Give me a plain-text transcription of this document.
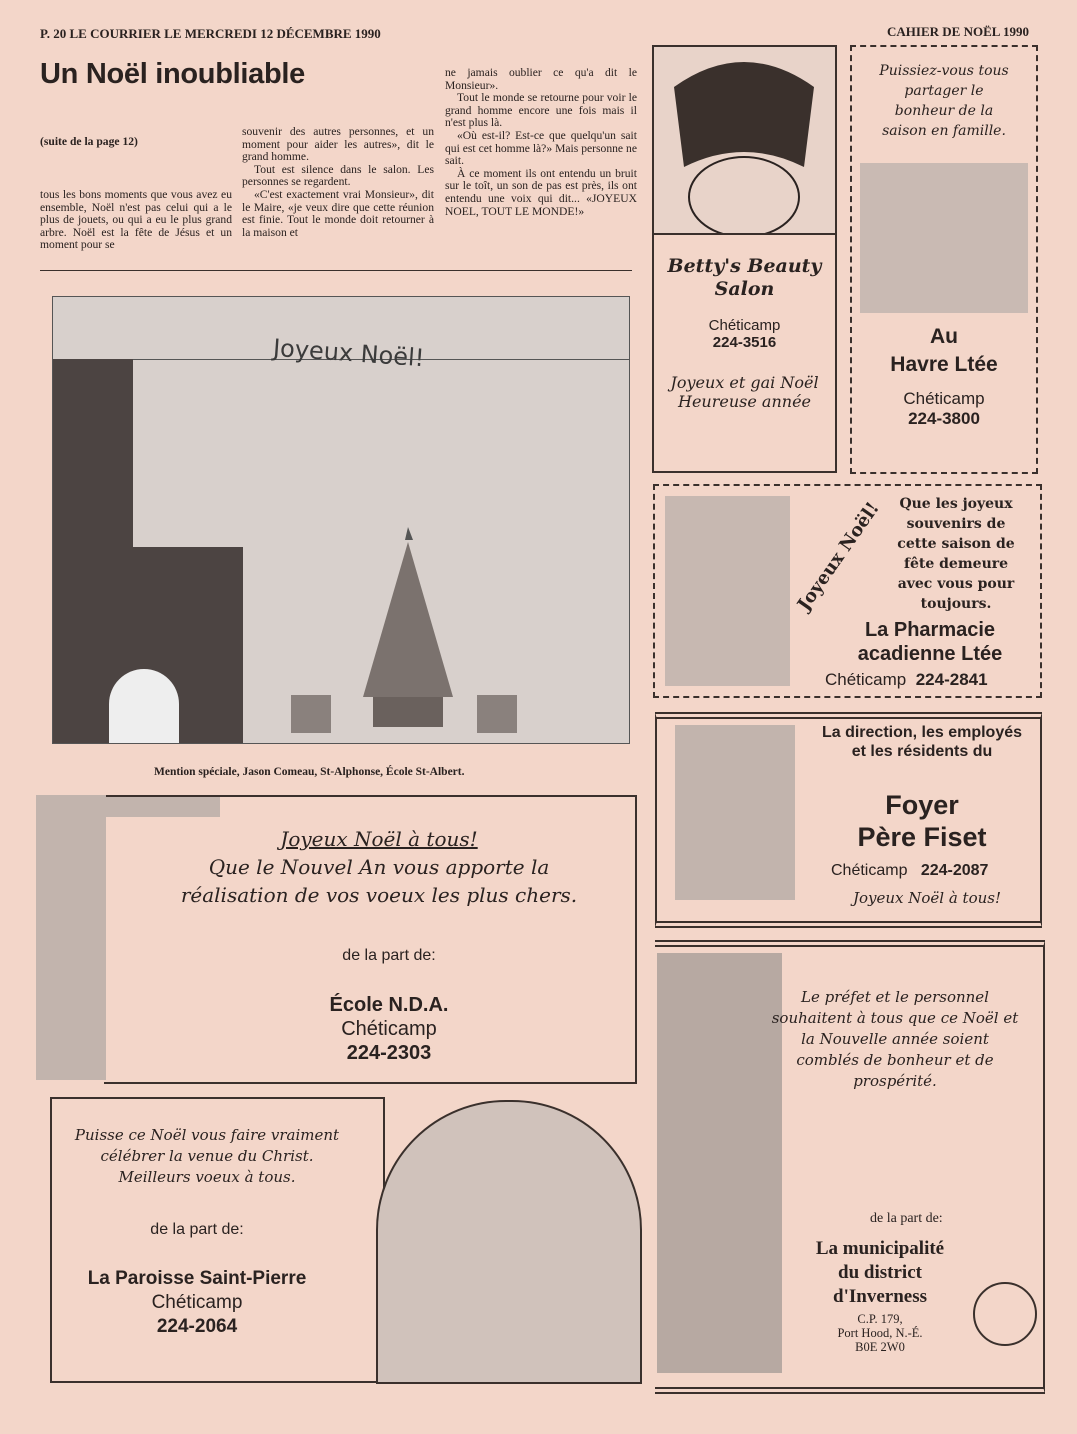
P. 20 LE COURRIER LE MERCREDI 12 DÉCEMBRE 1990	CAHIER DE NOËL 1990
Un Noël inoubliable
(suite de la page 12)

tous les bons moments que vous avez eu ensemble, Noël n'est pas celui qui a le plus de jouets, ou qui a eu le plus grand arbre. Noël est la fête de Jésus et un moment pour se

souvenir des autres personnes, et un moment pour aider les autres», dit le grand homme.

Tout est silence dans le salon. Les personnes se regardent.

«C'est exactement vrai Monsieur», dit le Maire, «je veux dire que cette réunion est finie. Tout le monde doit retourner à la maison et

ne jamais oublier ce qu'a dit le Monsieur».

Tout le monde se retourne pour voir le grand homme encore une fois mais il n'est plus là.

«Où est-il? Est-ce que quelqu'un sait qui est cet homme là?» Mais personne ne sait.

À ce moment ils ont entendu un bruit sur le toît, un son de pas est près, ils ont entendu une voix qui dit... «JOYEUX NOEL, TOUT LE MONDE!»

Joyeux Noël!
Mention spéciale, Jason Comeau, St-Alphonse, École St-Albert.
Betty's Beauty Salon
Chéticamp
224-3516
Joyeux et gai Noël
Heureuse année
Puissiez-vous tous partager le bonheur de la saison en famille.
Au
Havre Ltée
Chéticamp
224-3800
Joyeux Noël!	Que les joyeux souvenirs de cette saison de fête demeure avec vous pour toujours.
La Pharmacie
acadienne Ltée
Chéticamp 224-2841
La direction, les employés et les résidents du
Foyer
Père Fiset
Chéticamp 224-2087
Joyeux Noël à tous!
Le préfet et le personnel souhaitent à tous que ce Noël et la Nouvelle année soient comblés de bonheur et de prospérité.
de la part de:
La municipalité
du district
d'Inverness
C.P. 179,
Port Hood, N.-É.
B0E 2W0
Joyeux Noël à tous!
Que le Nouvel An vous apporte la
réalisation de vos voeux les plus chers.
de la part de:
École N.D.A.
Chéticamp
224-2303
Puisse ce Noël vous faire vraiment célébrer la venue du Christ. Meilleurs voeux à tous.
de la part de:
La Paroisse Saint-Pierre
Chéticamp
224-2064
